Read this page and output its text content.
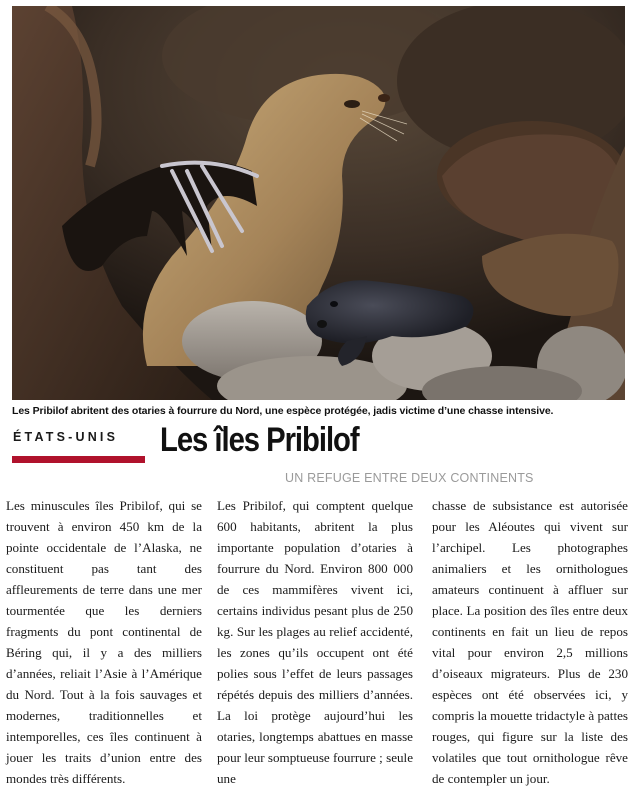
Les Pribilof abritent des otaries à fourrure du Nord, une espèce protégée, jadis victime d’une chasse intensive.
ÉTATS-UNIS Les îles Pribilof
UN REFUGE ENTRE DEUX CONTINENTS

Les minuscules îles Pribilof, qui se trouvent à environ 450 km de la pointe occidentale de l’Alaska, ne constituent pas tant des affleurements de terre dans une mer tourmentée que les derniers fragments du pont continental de Béring qui, il y a des milliers d’années, reliait l’Asie à l’Amérique du Nord. Tout à la fois sauvages et modernes, traditionnelles et intemporelles, ces îles continuent à jouer les traits d’union entre des mondes très différents.

Les Pribilof, qui comptent quelque 600 habitants, abritent la plus importante population d’otaries à fourrure du Nord. Environ 800 000 de ces mammifères vivent ici, certains individus pesant plus de 250 kg. Sur les plages au relief accidenté, les zones qu’ils occupent ont été polies sous l’effet de leurs passages répétés depuis des milliers d’années. La loi protège aujourd’hui les otaries, longtemps abattues en masse pour leur somptueuse fourrure ; seule une

chasse de subsistance est autorisée pour les Aléoutes qui vivent sur l’archipel. Les photographes animaliers et les ornithologues amateurs continuent à affluer sur place. La position des îles entre deux continents en fait un lieu de repos vital pour environ 2,5 millions d’oiseaux migrateurs. Plus de 230 espèces ont été observées ici, y compris la mouette tridactyle à pattes rouges, qui figure sur la liste des volatiles que tout ornithologue rêve de contempler un jour.
